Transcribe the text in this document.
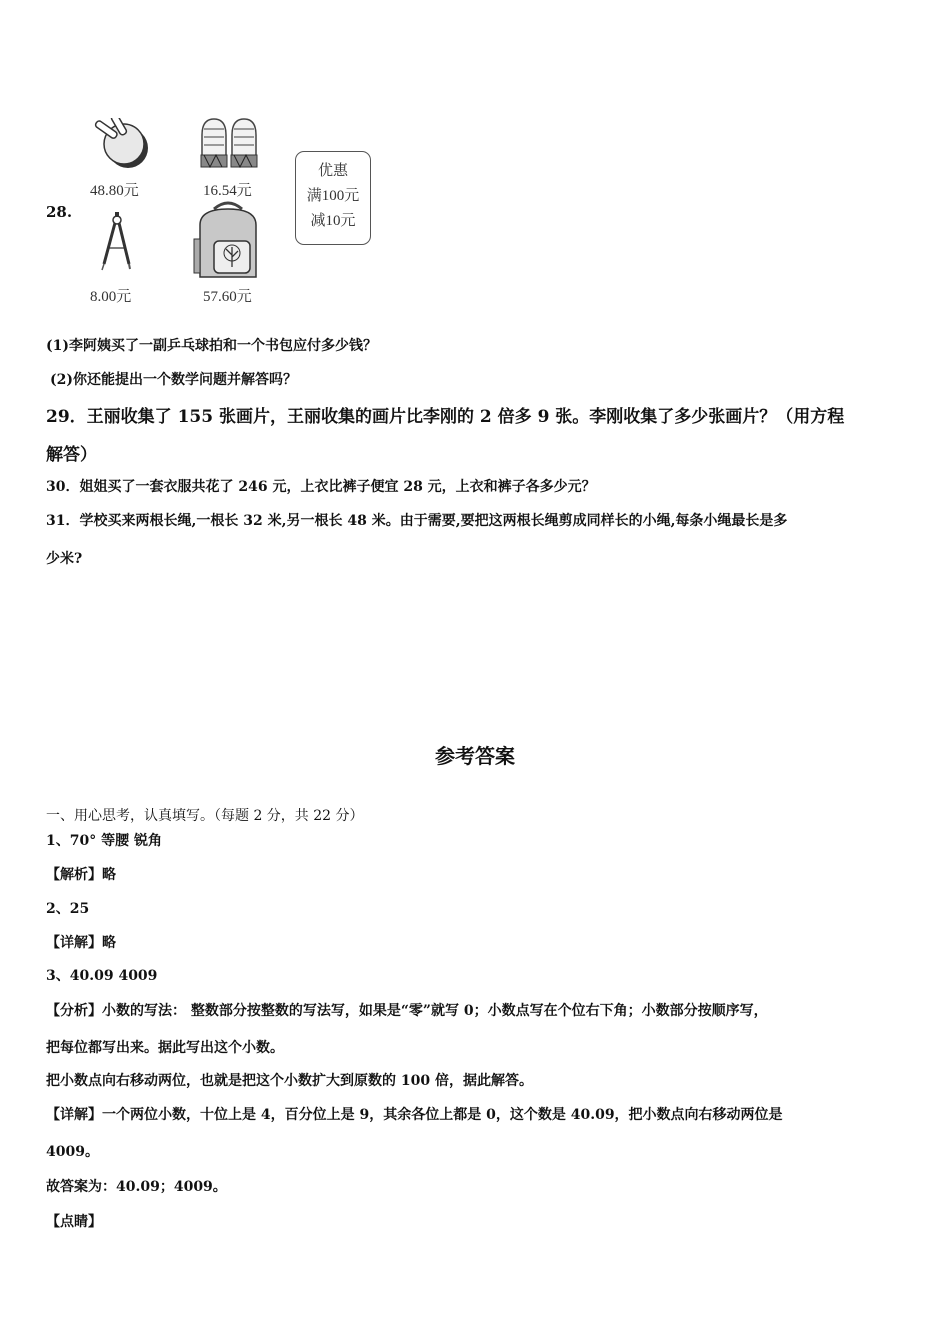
28.
48.80元	16.54元
优惠
满100元
减10元
8.00元	57.60元
(1)李阿姨买了一副乒乓球拍和一个书包应付多少钱？
(2)你还能提出一个数学问题并解答吗？
29．王丽收集了 155 张画片，王丽收集的画片比李刚的 2 倍多 9 张。李刚收集了多少张画片？（用方程
解答）
30．姐姐买了一套衣服共花了 246 元，上衣比裤子便宜 28 元，上衣和裤子各多少元？
31．学校买来两根长绳,一根长 32 米,另一根长 48 米。由于需要,要把这两根长绳剪成同样长的小绳,每条小绳最长是多
少米?
参考答案
一、用心思考，认真填写。（每题 2 分，共 22 分）
1、70° 等腰 锐角
【解析】略
2、25
【详解】略
3、40.09 4009
【分析】小数的写法： 整数部分按整数的写法写，如果是“零”就写 0；小数点写在个位右下角；小数部分按顺序写，
把每位都写出来。据此写出这个小数。
把小数点向右移动两位，也就是把这个小数扩大到原数的 100 倍，据此解答。
【详解】一个两位小数，十位上是 4，百分位上是 9，其余各位上都是 0，这个数是 40.09，把小数点向右移动两位是
4009。
故答案为：40.09；4009。
【点睛】
